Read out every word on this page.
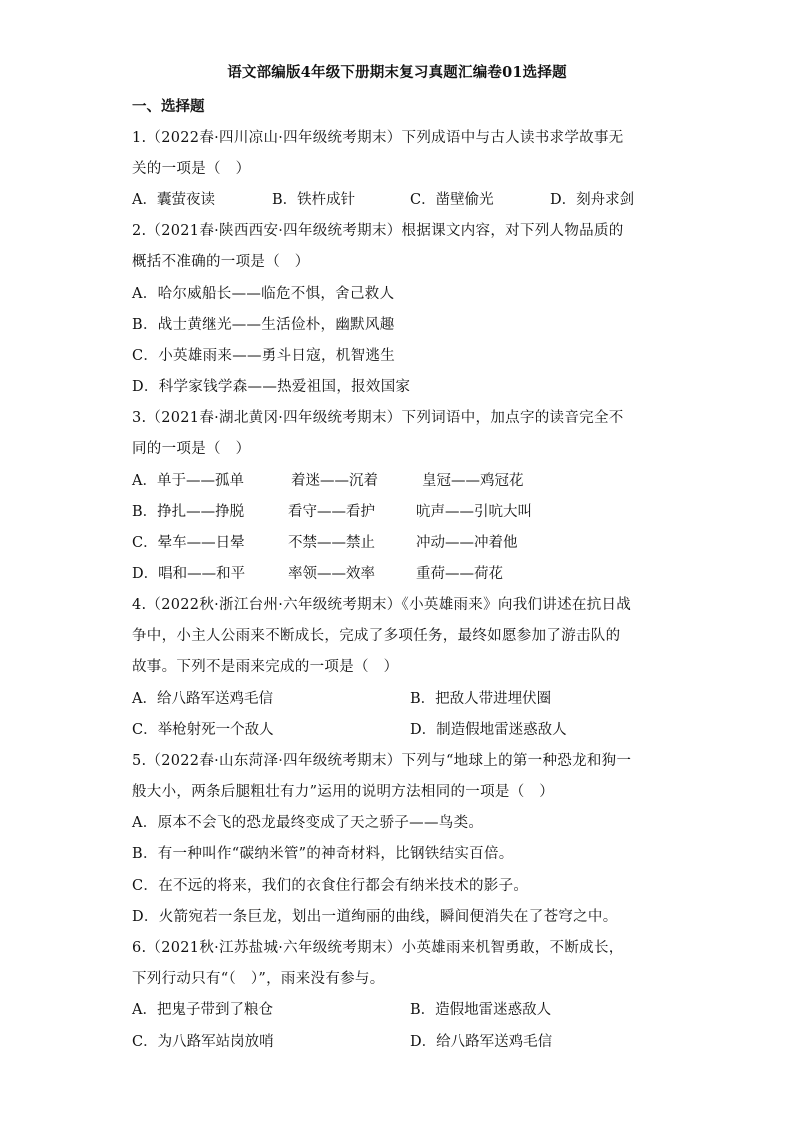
语文部编版4年级下册期末复习真题汇编卷01选择题
一、选择题
1.（2022春·四川凉山·四年级统考期末）下列成语中与古人读书求学故事无
关的一项是（　）
A．囊萤夜读	B．铁杵成针	C．凿壁偷光	D．刻舟求剑
2.（2021春·陕西西安·四年级统考期末）根据课文内容，对下列人物品质的
概括不准确的一项是（　）
A．哈尔威船长——临危不惧，舍己救人
B．战士黄继光——生活俭朴，幽默风趣
C．小英雄雨来——勇斗日寇，机智逃生
D．科学家钱学森——热爱祖国，报效国家
3.（2021春·湖北黄冈·四年级统考期末）下列词语中，加点字的读音完全不
同的一项是（　）
A．单于——孤单	着迷——沉着	皇冠——鸡冠花
B．挣扎——挣脱	看守——看护	吭声——引吭大叫
C．晕车——日晕	不禁——禁止	冲动——冲着他
D．唱和——和平	率领——效率	重荷——荷花
4.（2022秋·浙江台州·六年级统考期末）《小英雄雨来》向我们讲述在抗日战
争中，小主人公雨来不断成长，完成了多项任务，最终如愿参加了游击队的
故事。下列不是雨来完成的一项是（　）
A．给八路军送鸡毛信	B．把敌人带进埋伏圈
C．举枪射死一个敌人	D．制造假地雷迷惑敌人
5.（2022春·山东菏泽·四年级统考期末）下列与“地球上的第一种恐龙和狗一
般大小，两条后腿粗壮有力”运用的说明方法相同的一项是（　）
A．原本不会飞的恐龙最终变成了天之骄子——鸟类。
B．有一种叫作“碳纳米管”的神奇材料，比钢铁结实百倍。
C．在不远的将来，我们的衣食住行都会有纳米技术的影子。
D．火箭宛若一条巨龙，划出一道绚丽的曲线，瞬间便消失在了苍穹之中。
6.（2021秋·江苏盐城·六年级统考期末）小英雄雨来机智勇敢，不断成长，
下列行动只有“（　）”，雨来没有参与。
A．把鬼子带到了粮仓	B．造假地雷迷惑敌人
C．为八路军站岗放哨	D．给八路军送鸡毛信
